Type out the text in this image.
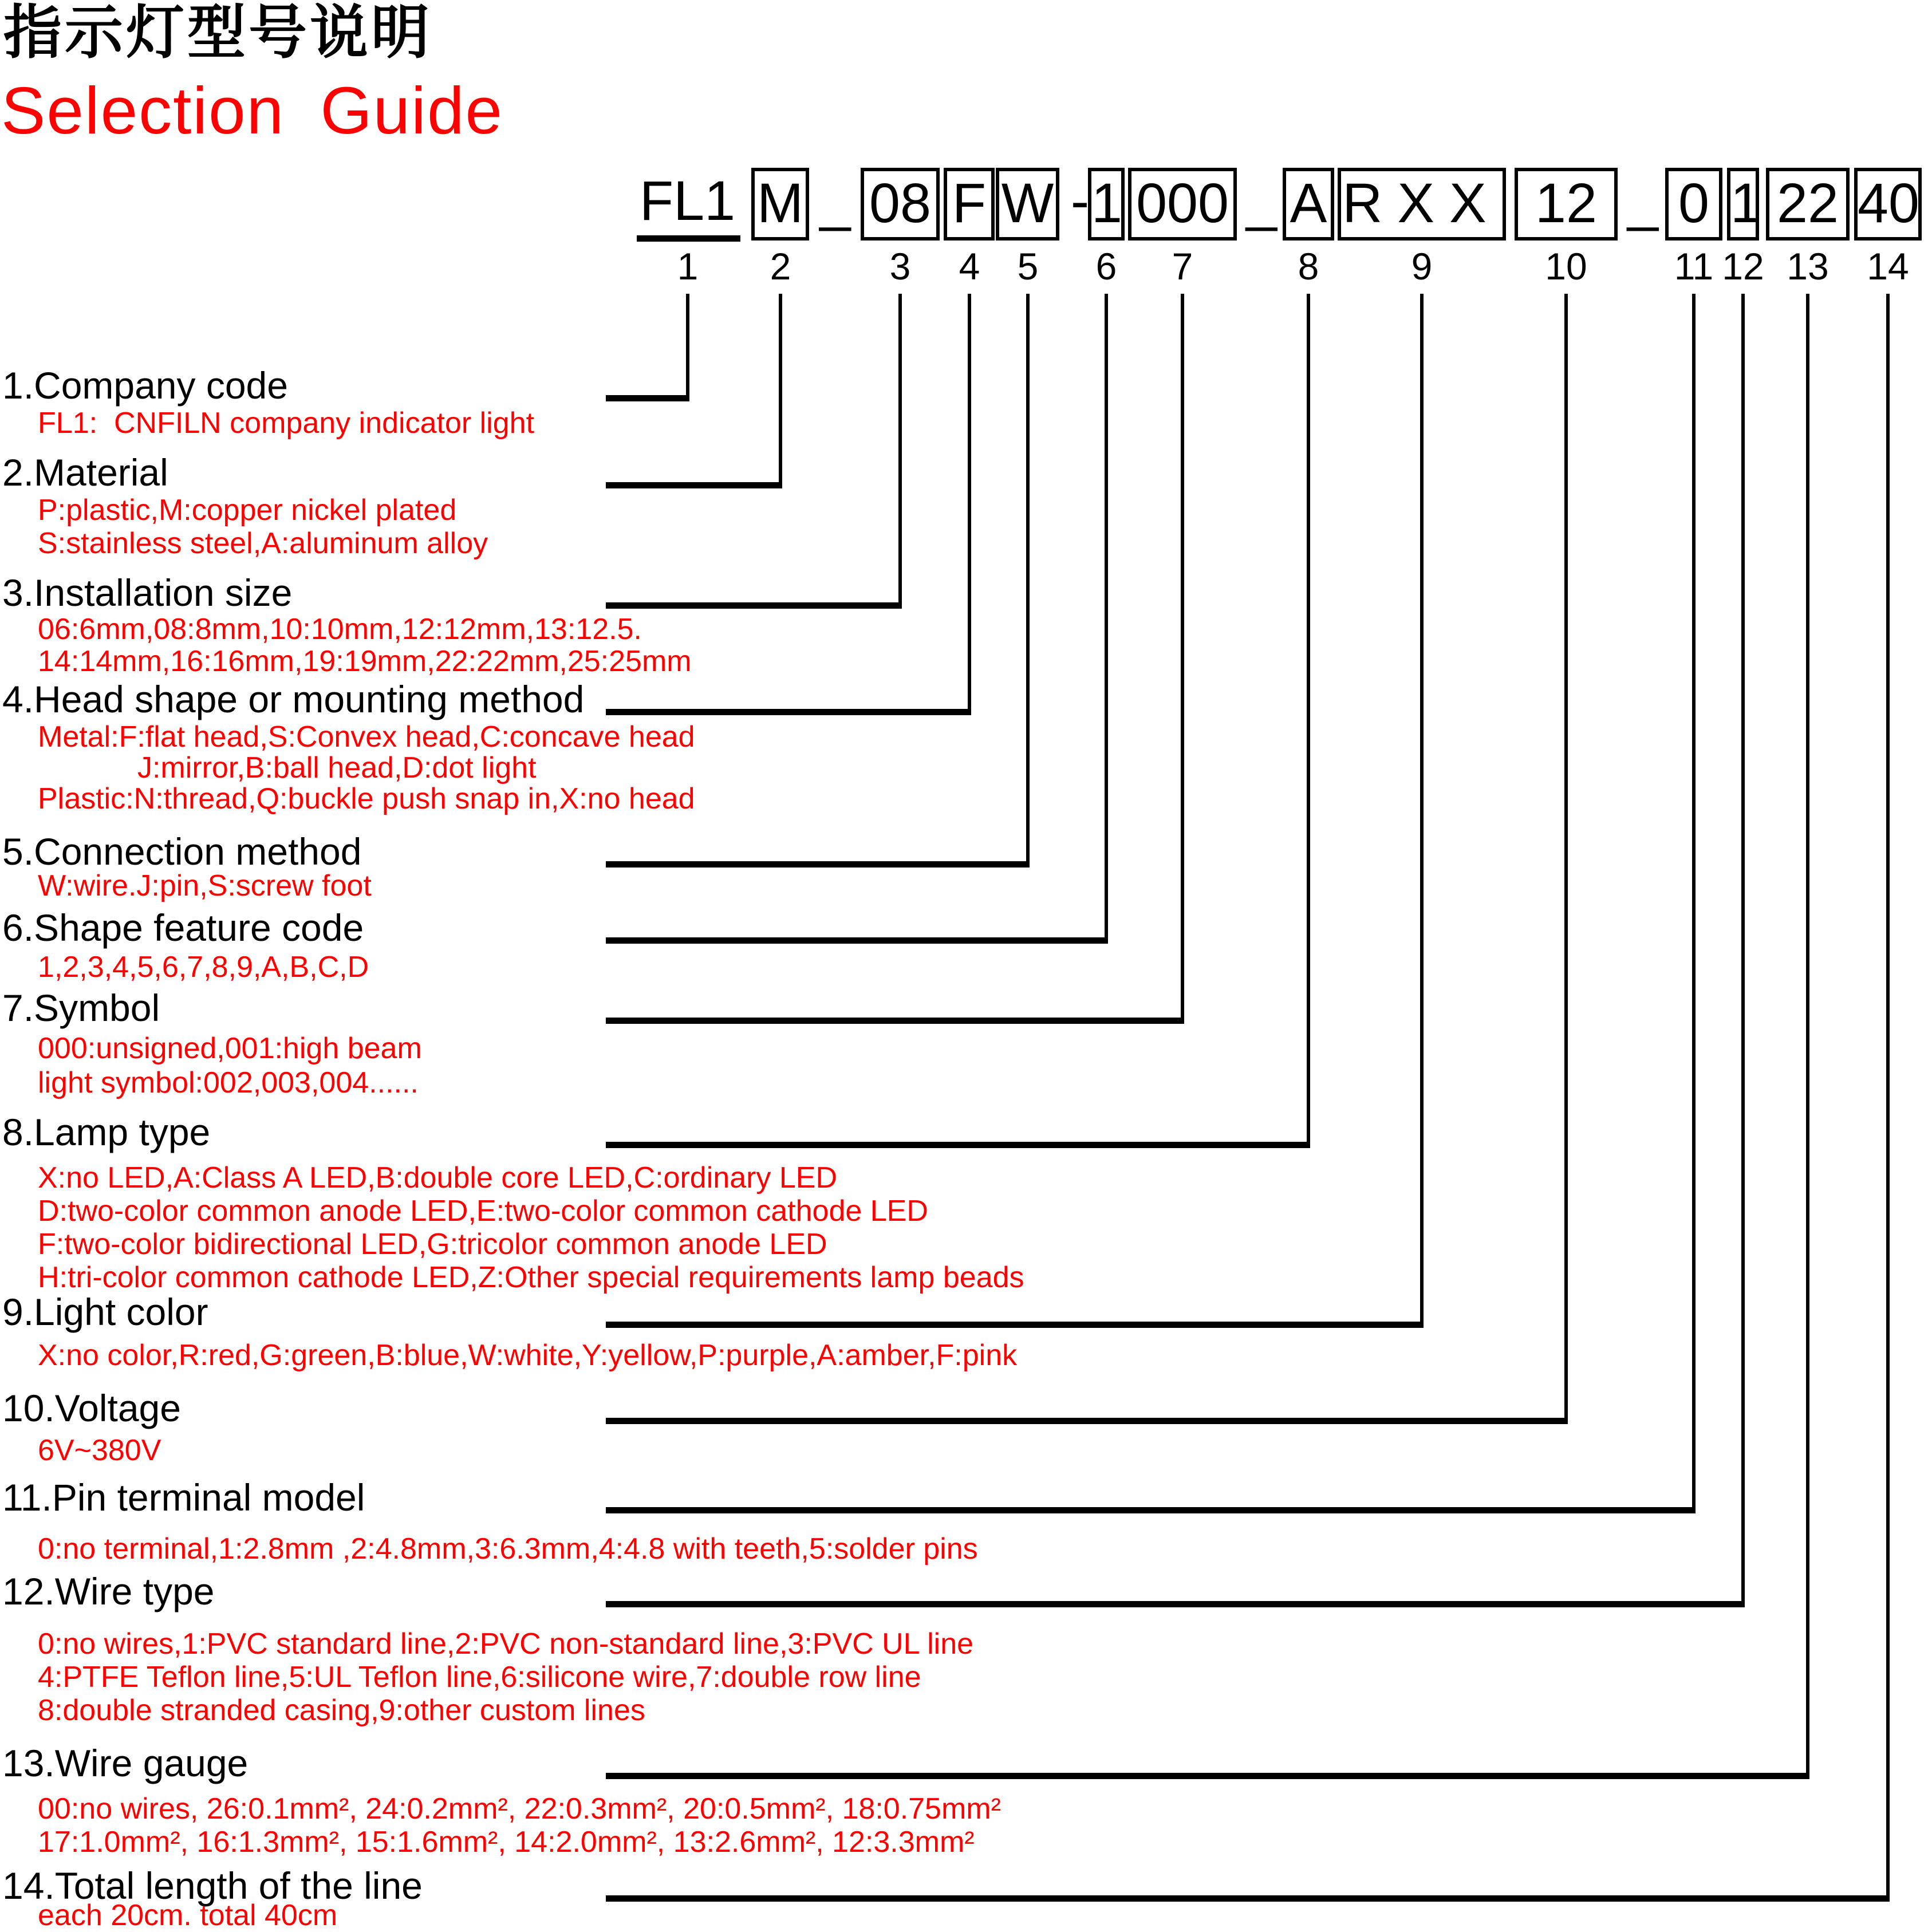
指示灯型号说明
Selection Guide
FL1
1
M
2
_ 08
3
F
4
W
5
- 1
6
000
7
_ A
8
RXX
9
12
10
_ 0
11
1
12
22
13
40
14
1.Company code
FL1:  CNFILN company indicator light
2.Material
P:plastic,M:copper nickel plated
S:stainless steel,A:aluminum alloy
3.Installation size
06:6mm,08:8mm,10:10mm,12:12mm,13:12.5.
14:14mm,16:16mm,19:19mm,22:22mm,25:25mm
4.Head shape or mounting method
Metal:F:flat head,S:Convex head,C:concave head
J:mirror,B:ball head,D:dot light
Plastic:N:thread,Q:buckle push snap in,X:no head
5.Connection method
W:wire.J:pin,S:screw foot
6.Shape feature code
1,2,3,4,5,6,7,8,9,A,B,C,D
7.Symbol
000:unsigned,001:high beam
light symbol:002,003,004......
8.Lamp type
X:no LED,A:Class A LED,B:double core LED,C:ordinary LED
D:two-color common anode LED,E:two-color common cathode LED
F:two-color bidirectional LED,G:tricolor common anode LED
H:tri-color common cathode LED,Z:Other special requirements lamp beads
9.Light color
X:no color,R:red,G:green,B:blue,W:white,Y:yellow,P:purple,A:amber,F:pink
10.Voltage
6V~380V
11.Pin terminal model
0:no terminal,1:2.8mm ,2:4.8mm,3:6.3mm,4:4.8 with teeth,5:solder pins
12.Wire type
0:no wires,1:PVC standard line,2:PVC non-standard line,3:PVC UL line
4:PTFE Teflon line,5:UL Teflon line,6:silicone wire,7:double row line
8:double stranded casing,9:other custom lines
13.Wire gauge
00:no wires, 26:0.1mm², 24:0.2mm², 22:0.3mm², 20:0.5mm², 18:0.75mm²
17:1.0mm², 16:1.3mm², 15:1.6mm², 14:2.0mm², 13:2.6mm², 12:3.3mm²
14.Total length of the line
each 20cm. total 40cm
